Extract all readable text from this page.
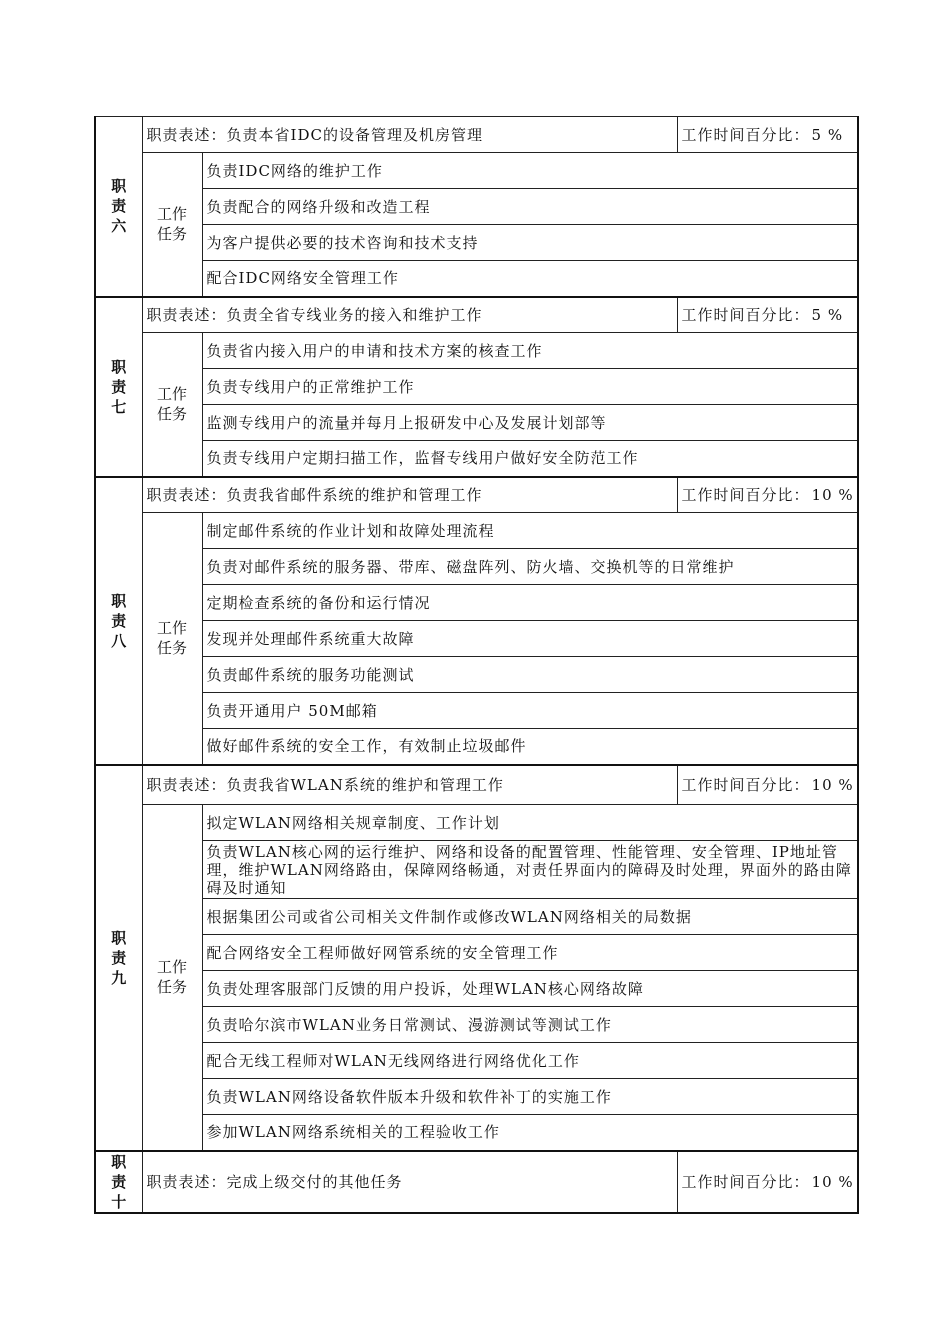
职
责
六	职责表述：负责本省IDC的设备管理及机房管理		工作时间百分比： 5 %

	工作
任务	负责IDC网络的维护工作	
		负责配合的网络升级和改造工程	
		为客户提供必要的技术咨询和技术支持	
		配合IDC网络安全管理工作	

职
责
七	职责表述：负责全省专线业务的接入和维护工作		工作时间百分比： 5 %

	工作
任务	负责省内接入用户的申请和技术方案的核查工作	
		负责专线用户的正常维护工作	
		监测专线用户的流量并每月上报研发中心及发展计划部等	
		负责专线用户定期扫描工作，监督专线用户做好安全防范工作	

职
责
八	职责表述：负责我省邮件系统的维护和管理工作		工作时间百分比： 10 %

	工作
任务	制定邮件系统的作业计划和故障处理流程	
		负责对邮件系统的服务器、带库、磁盘阵列、防火墙、交换机等的日常维护	
		定期检查系统的备份和运行情况	
		发现并处理邮件系统重大故障	
		负责邮件系统的服务功能测试	
		负责开通用户 50M邮箱	
		做好邮件系统的安全工作，有效制止垃圾邮件	

职
责
九	职责表述：负责我省WLAN系统的维护和管理工作		工作时间百分比： 10 %

	工作
任务	拟定WLAN网络相关规章制度、工作计划	
		负责WLAN核心网的运行维护、网络和设备的配置管理、性能管理、安全管理、IP地址管理，维护WLAN网络路由，保障网络畅通，对责任界面内的障碍及时处理，界面外的路由障碍及时通知	
		根据集团公司或省公司相关文件制作或修改WLAN网络相关的局数据	
		配合网络安全工程师做好网管系统的安全管理工作	
		负责处理客服部门反馈的用户投诉，处理WLAN核心网络故障	
		负责哈尔滨市WLAN业务日常测试、漫游测试等测试工作	
		配合无线工程师对WLAN无线网络进行网络优化工作	
		负责WLAN网络设备软件版本升级和软件补丁的实施工作	
		参加WLAN网络系统相关的工程验收工作	

职
责
十	职责表述：完成上级交付的其他任务		工作时间百分比： 10 %
